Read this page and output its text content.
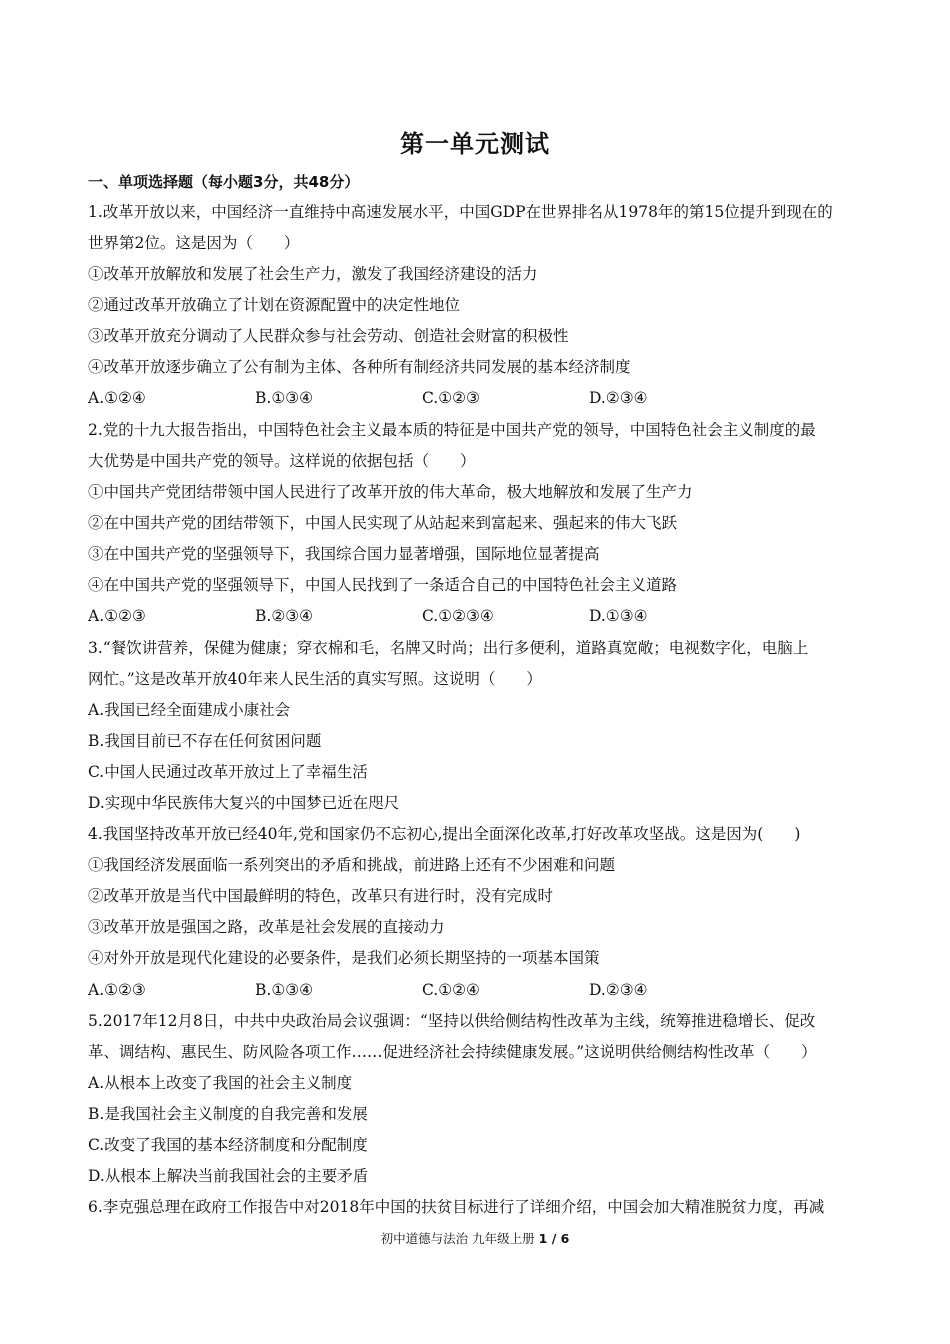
第一单元测试
一、单项选择题（每小题3分，共48分）
1.改革开放以来，中国经济一直维持中高速发展水平，中国GDP在世界排名从1978年的第15位提升到现在的
世界第2位。这是因为（　　）
①改革开放解放和发展了社会生产力，激发了我国经济建设的活力
②通过改革开放确立了计划在资源配置中的决定性地位
③改革开放充分调动了人民群众参与社会劳动、创造社会财富的积极性
④改革开放逐步确立了公有制为主体、各种所有制经济共同发展的基本经济制度
A.①②④	B.①③④	C.①②③	D.②③④
2.党的十九大报告指出，中国特色社会主义最本质的特征是中国共产党的领导，中国特色社会主义制度的最
大优势是中国共产党的领导。这样说的依据包括（　　）
①中国共产党团结带领中国人民进行了改革开放的伟大革命，极大地解放和发展了生产力
②在中国共产党的团结带领下，中国人民实现了从站起来到富起来、强起来的伟大飞跃
③在中国共产党的坚强领导下，我国综合国力显著增强，国际地位显著提高
④在中国共产党的坚强领导下，中国人民找到了一条适合自己的中国特色社会主义道路
A.①②③	B.②③④	C.①②③④	D.①③④
3.“餐饮讲营养，保健为健康；穿衣棉和毛，名牌又时尚；出行多便利，道路真宽敞；电视数字化，电脑上
网忙。”这是改革开放40年来人民生活的真实写照。这说明（　　）
A.我国已经全面建成小康社会
B.我国目前已不存在任何贫困问题
C.中国人民通过改革开放过上了幸福生活
D.实现中华民族伟大复兴的中国梦已近在咫尺
4.我国坚持改革开放已经40年,党和国家仍不忘初心,提出全面深化改革,打好改革攻坚战。这是因为(　　)
①我国经济发展面临一系列突出的矛盾和挑战，前进路上还有不少困难和问题
②改革开放是当代中国最鲜明的特色，改革只有进行时，没有完成时
③改革开放是强国之路，改革是社会发展的直接动力
④对外开放是现代化建设的必要条件，是我们必须长期坚持的一项基本国策
A.①②③	B.①③④	C.①②④	D.②③④
5.2017年12月8日，中共中央政治局会议强调：“坚持以供给侧结构性改革为主线，统筹推进稳增长、促改
革、调结构、惠民生、防风险各项工作……促进经济社会持续健康发展。”这说明供给侧结构性改革（　　）
A.从根本上改变了我国的社会主义制度
B.是我国社会主义制度的自我完善和发展
C.改变了我国的基本经济制度和分配制度
D.从根本上解决当前我国社会的主要矛盾
6.李克强总理在政府工作报告中对2018年中国的扶贫目标进行了详细介绍，中国会加大精准脱贫力度，再减
初中道德与法治 九年级上册 1 / 6
